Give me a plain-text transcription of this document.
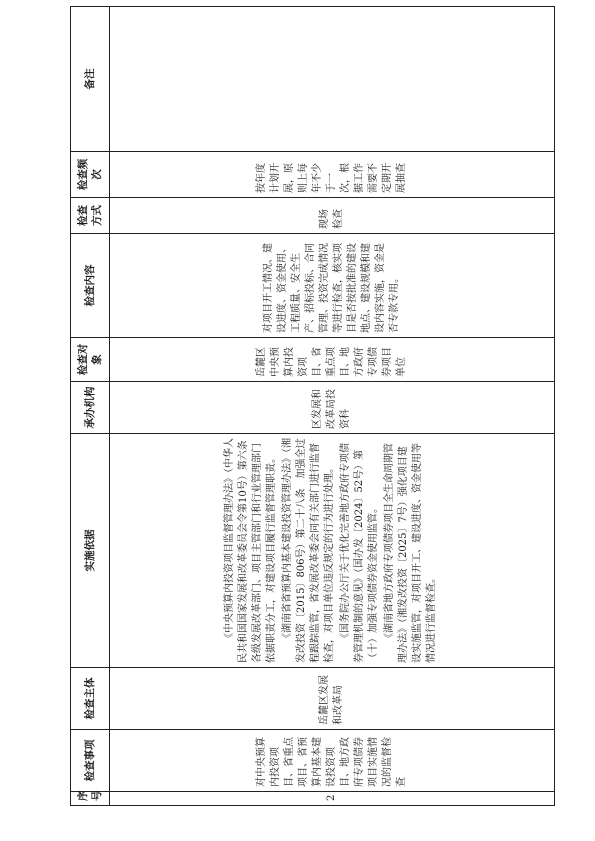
序号	检查事项	检查主体	实施依据	承办机构	检查对象	检查内容	检查方式	检查频次	备注
2	对中央预算内投资项目、省重点项目、省预算内基本建设投资项目、地方政府专项债券项目实施情况的监督检查	岳麓区发展和改革局	《中央预算内投资项目监督管理办法》（中华人民共和国国家发展和改革委员会令第10号）第六条　各级发展改革部门、项目主管部门和行业管理部门依据职责分工，对建设项目履行监督管理职责。 《湖南省省预算内基本建设投资管理办法》（湘发改投资〔2015〕806号）第二十八条　加强全过程跟踪监管，省发展改革委会同有关部门进行监督检查，对项目单位违反规定的行为进行处理。 《国务院办公厅关于优化完善地方政府专项债券管理机制的意见》（国办发〔2024〕52号）第（十）加强专项债券资金使用监管。 《湖南省地方政府专项债券项目全生命周期管理办法》（湘发改投资〔2025〕7号）强化项目建设实施监管，对项目开工、建设进度、资金使用等情况进行监督检查。	区发展和改革局投资科	岳麓区中央预算内投资项目、省重点项目、地方政府专项债券项目单位	对项目开工情况、建设进度、资金使用、工程质量、安全生产、招标投标、合同管理、投资完成情况等进行检查，核实项目是否按批准的建设地点、建设规模和建设内容实施，资金是否专款专用。	现场检查	按年度计划开展，原则上每年不少于一次，根据工作需要不定期开展抽查	
